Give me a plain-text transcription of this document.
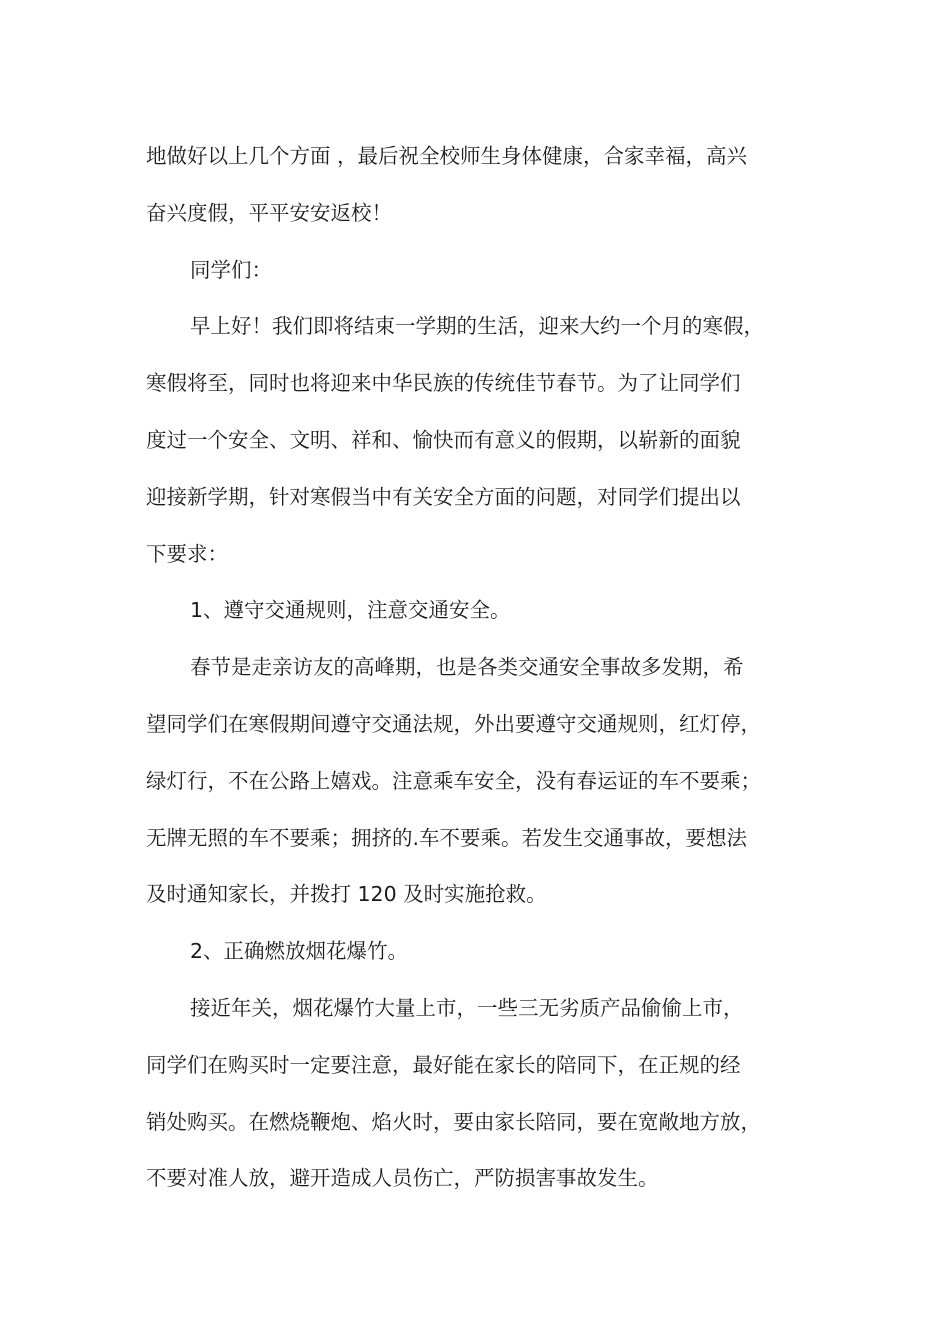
地做好以上几个方面 ，最后祝全校师生身体健康，合家幸福，高兴
奋兴度假，平平安安返校！
同学们：
早上好！我们即将结束一学期的生活，迎来大约一个月的寒假，
寒假将至，同时也将迎来中华民族的传统佳节春节。为了让同学们
度过一个安全、文明、祥和、愉快而有意义的假期，以崭新的面貌
迎接新学期，针对寒假当中有关安全方面的问题，对同学们提出以
下要求：
1、遵守交通规则，注意交通安全。
春节是走亲访友的高峰期，也是各类交通安全事故多发期，希
望同学们在寒假期间遵守交通法规，外出要遵守交通规则，红灯停，
绿灯行，不在公路上嬉戏。注意乘车安全，没有春运证的车不要乘；
无牌无照的车不要乘；拥挤的.车不要乘。若发生交通事故，要想法
及时通知家长，并拨打 120 及时实施抢救。
2、正确燃放烟花爆竹。
接近年关，烟花爆竹大量上市，一些三无劣质产品偷偷上市，
同学们在购买时一定要注意，最好能在家长的陪同下，在正规的经
销处购买。在燃烧鞭炮、焰火时，要由家长陪同，要在宽敞地方放，
不要对准人放，避开造成人员伤亡，严防损害事故发生。
